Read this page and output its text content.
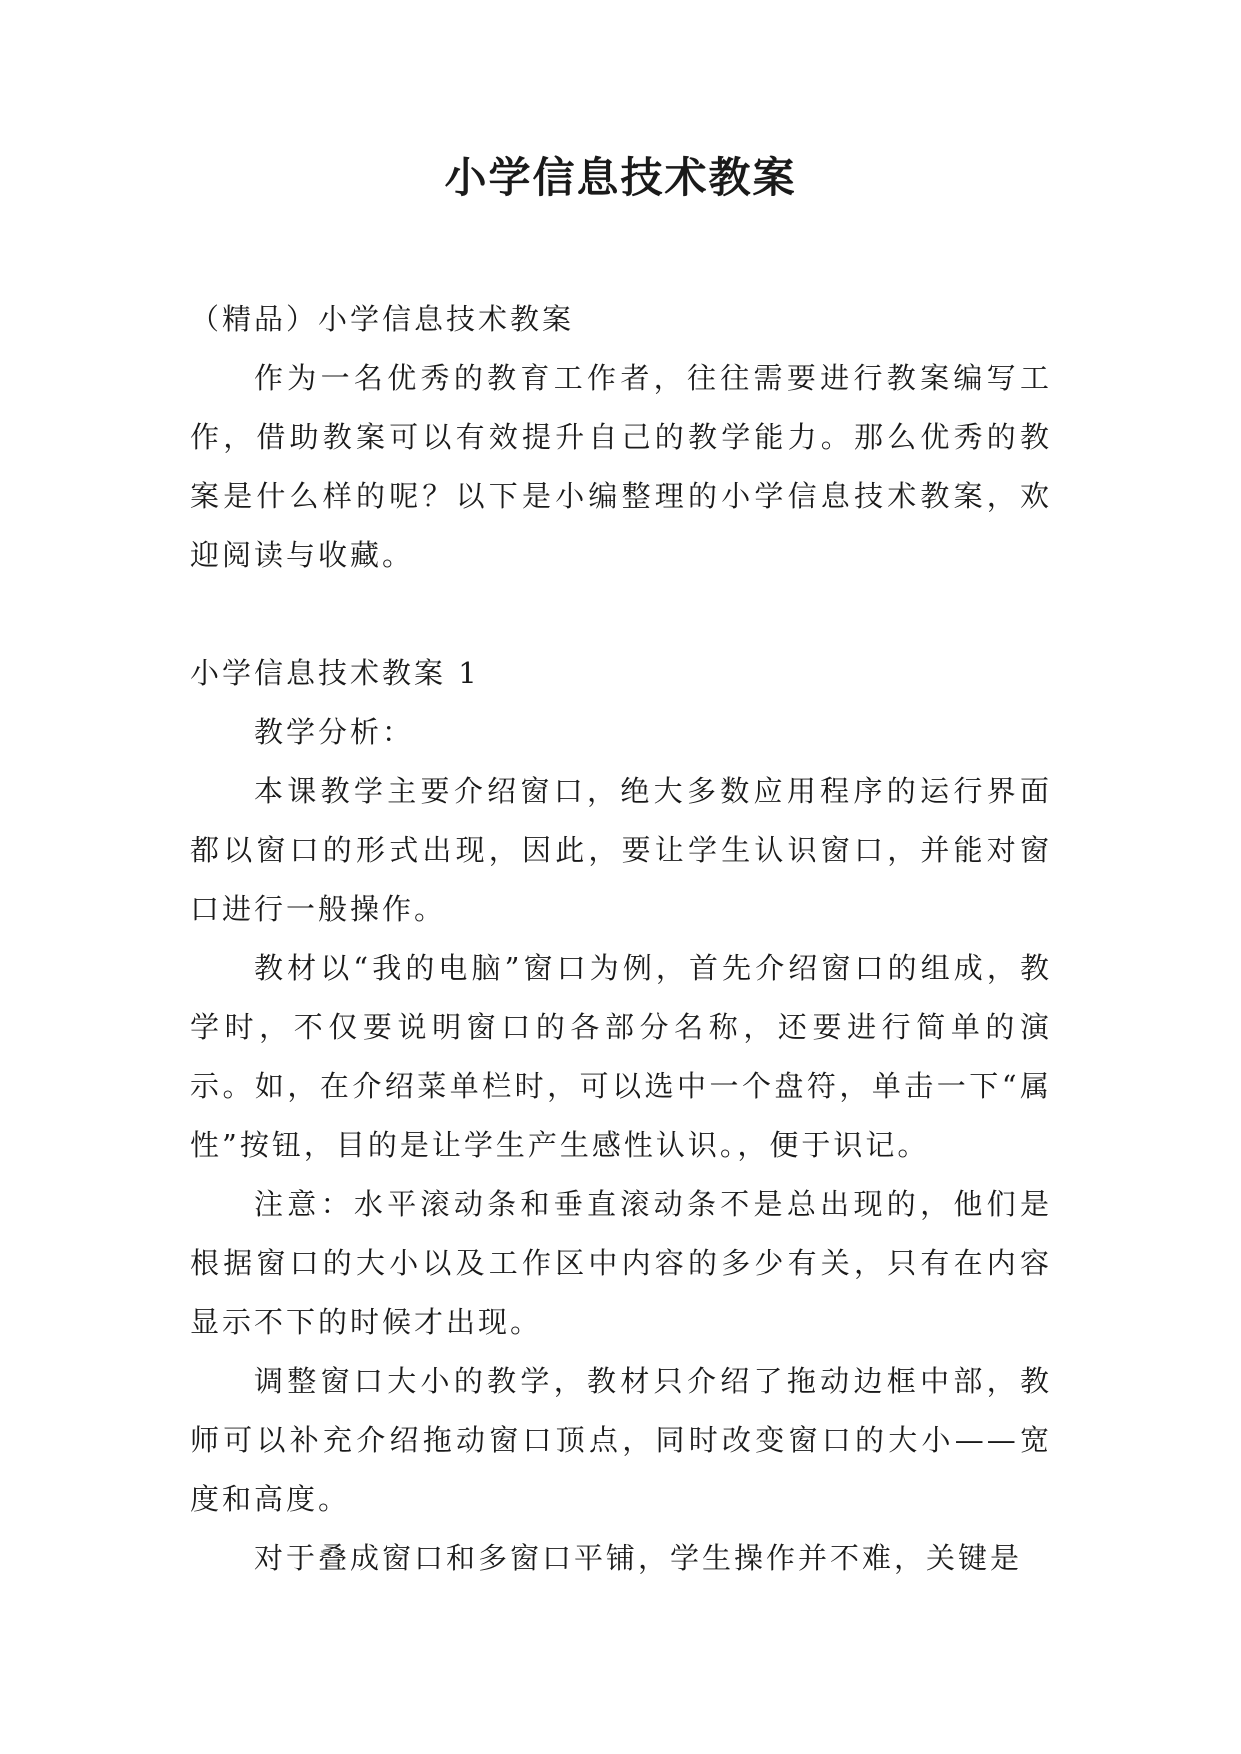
小学信息技术教案

（精品）小学信息技术教案

作为一名优秀的教育工作者，往往需要进行教案编写工作，借助教案可以有效提升自己的教学能力。那么优秀的教案是什么样的呢？以下是小编整理的小学信息技术教案，欢迎阅读与收藏。

小学信息技术教案 1

教学分析：

本课教学主要介绍窗口，绝大多数应用程序的运行界面都以窗口的形式出现，因此，要让学生认识窗口，并能对窗口进行一般操作。

教材以“我的电脑”窗口为例，首先介绍窗口的组成，教学时，不仅要说明窗口的各部分名称，还要进行简单的演示。如，在介绍菜单栏时，可以选中一个盘符，单击一下“属性”按钮，目的是让学生产生感性认识。，便于识记。

注意：水平滚动条和垂直滚动条不是总出现的，他们是根据窗口的大小以及工作区中内容的多少有关，只有在内容显示不下的时候才出现。

调整窗口大小的教学，教材只介绍了拖动边框中部，教师可以补充介绍拖动窗口顶点，同时改变窗口的大小——宽度和高度。

对于叠成窗口和多窗口平铺，学生操作并不难，关键是
